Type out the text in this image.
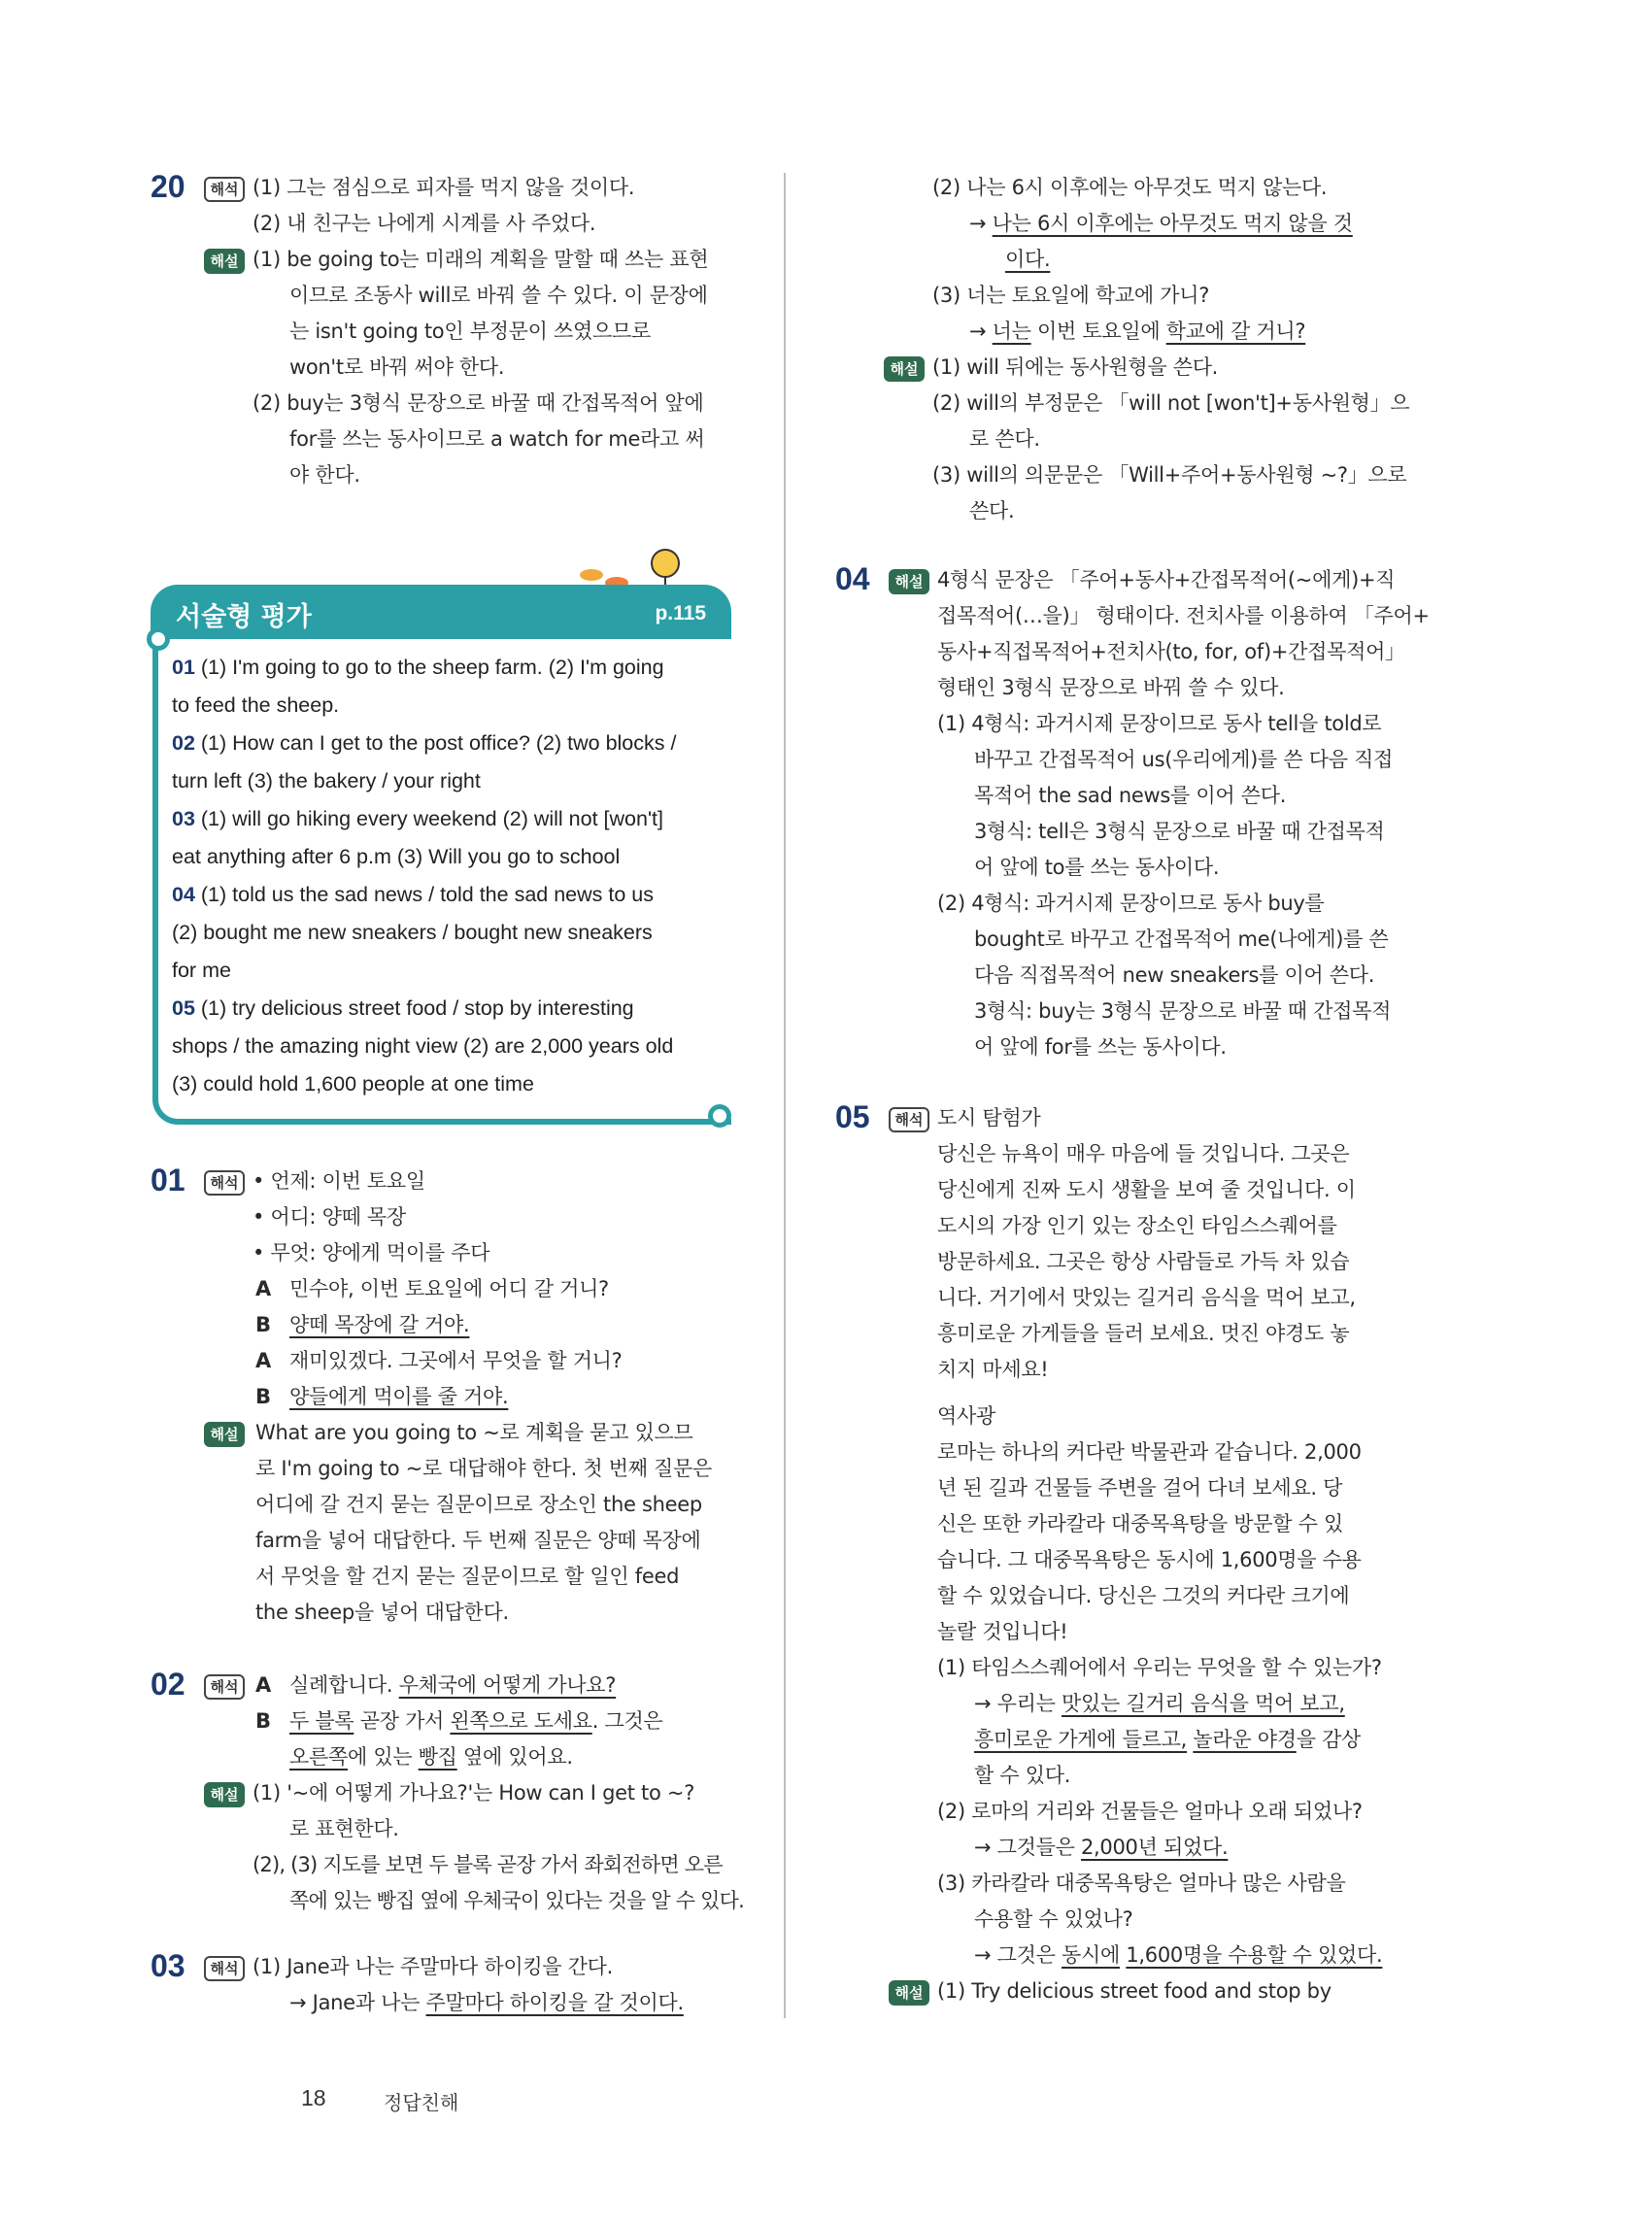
20	해석 (1) 그는 점심으로 피자를 먹지 않을 것이다.
(2) 내 친구는 나에게 시계를 사 주었다.
해설 (1) be going to는 미래의 계획을 말할 때 쓰는 표현
이므로 조동사 will로 바꿔 쓸 수 있다. 이 문장에
는 isn't going to인 부정문이 쓰였으므로
won't로 바꿔 써야 한다.
(2) buy는 3형식 문장으로 바꿀 때 간접목적어 앞에
for를 쓰는 동사이므로 a watch for me라고 써
야 한다.
서술형 평가	p.115
01 (1) I'm going to go to the sheep farm. (2) I'm going
to feed the sheep.
02 (1) How can I get to the post office? (2) two blocks /
turn left (3) the bakery / your right
03 (1) will go hiking every weekend (2) will not [won't]
eat anything after 6 p.m (3) Will you go to school
04 (1) told us the sad news / told the sad news to us
(2) bought me new sneakers / bought new sneakers
for me
05 (1) try delicious street food / stop by interesting
shops / the amazing night view (2) are 2,000 years old
(3) could hold 1,600 people at one time
01	해석 • 언제: 이번 토요일
• 어디: 양떼 목장
• 무엇: 양에게 먹이를 주다
A 민수야, 이번 토요일에 어디 갈 거니?
B 양떼 목장에 갈 거야.
A 재미있겠다. 그곳에서 무엇을 할 거니?
B 양들에게 먹이를 줄 거야.
해설 What are you going to ~로 계획을 묻고 있으므
로 I'm going to ~로 대답해야 한다. 첫 번째 질문은
어디에 갈 건지 묻는 질문이므로 장소인 the sheep
farm을 넣어 대답한다. 두 번째 질문은 양떼 목장에
서 무엇을 할 건지 묻는 질문이므로 할 일인 feed
the sheep을 넣어 대답한다.
02	해석 A 실례합니다. 우체국에 어떻게 가나요?
B 두 블록 곧장 가서 왼쪽으로 도세요. 그것은
오른쪽에 있는 빵집 옆에 있어요.
해설 (1) '~에 어떻게 가나요?'는 How can I get to ~?
로 표현한다.
(2), (3) 지도를 보면 두 블록 곧장 가서 좌회전하면 오른
쪽에 있는 빵집 옆에 우체국이 있다는 것을 알 수 있다.
03	해석 (1) Jane과 나는 주말마다 하이킹을 간다.
→ Jane과 나는 주말마다 하이킹을 갈 것이다.
18	정답친해
(2) 나는 6시 이후에는 아무것도 먹지 않는다.
→ 나는 6시 이후에는 아무것도 먹지 않을 것
이다.
(3) 너는 토요일에 학교에 가니?
→ 너는 이번 토요일에 학교에 갈 거니?
해설 (1) will 뒤에는 동사원형을 쓴다.
(2) will의 부정문은 「will not [won't]+동사원형」으
로 쓴다.
(3) will의 의문문은 「Will+주어+동사원형 ~?」으로
쓴다.
04	해설 4형식 문장은 「주어+동사+간접목적어(~에게)+직
접목적어(…을)」 형태이다. 전치사를 이용하여 「주어+
동사+직접목적어+전치사(to, for, of)+간접목적어」
형태인 3형식 문장으로 바꿔 쓸 수 있다.
(1) 4형식: 과거시제 문장이므로 동사 tell을 told로
바꾸고 간접목적어 us(우리에게)를 쓴 다음 직접
목적어 the sad news를 이어 쓴다.
3형식: tell은 3형식 문장으로 바꿀 때 간접목적
어 앞에 to를 쓰는 동사이다.
(2) 4형식: 과거시제 문장이므로 동사 buy를
bought로 바꾸고 간접목적어 me(나에게)를 쓴
다음 직접목적어 new sneakers를 이어 쓴다.
3형식: buy는 3형식 문장으로 바꿀 때 간접목적
어 앞에 for를 쓰는 동사이다.
05	해석 도시 탐험가
당신은 뉴욕이 매우 마음에 들 것입니다. 그곳은
당신에게 진짜 도시 생활을 보여 줄 것입니다. 이
도시의 가장 인기 있는 장소인 타임스스퀘어를
방문하세요. 그곳은 항상 사람들로 가득 차 있습
니다. 거기에서 맛있는 길거리 음식을 먹어 보고,
흥미로운 가게들을 들러 보세요. 멋진 야경도 놓
치지 마세요!
역사광
로마는 하나의 커다란 박물관과 같습니다. 2,000
년 된 길과 건물들 주변을 걸어 다녀 보세요. 당
신은 또한 카라칼라 대중목욕탕을 방문할 수 있
습니다. 그 대중목욕탕은 동시에 1,600명을 수용
할 수 있었습니다. 당신은 그것의 커다란 크기에
놀랄 것입니다!
(1) 타임스스퀘어에서 우리는 무엇을 할 수 있는가?
→ 우리는 맛있는 길거리 음식을 먹어 보고,
흥미로운 가게에 들르고, 놀라운 야경을 감상
할 수 있다.
(2) 로마의 거리와 건물들은 얼마나 오래 되었나?
→ 그것들은 2,000년 되었다.
(3) 카라칼라 대중목욕탕은 얼마나 많은 사람을
수용할 수 있었나?
→ 그것은 동시에 1,600명을 수용할 수 있었다.
해설 (1) Try delicious street food and stop by
